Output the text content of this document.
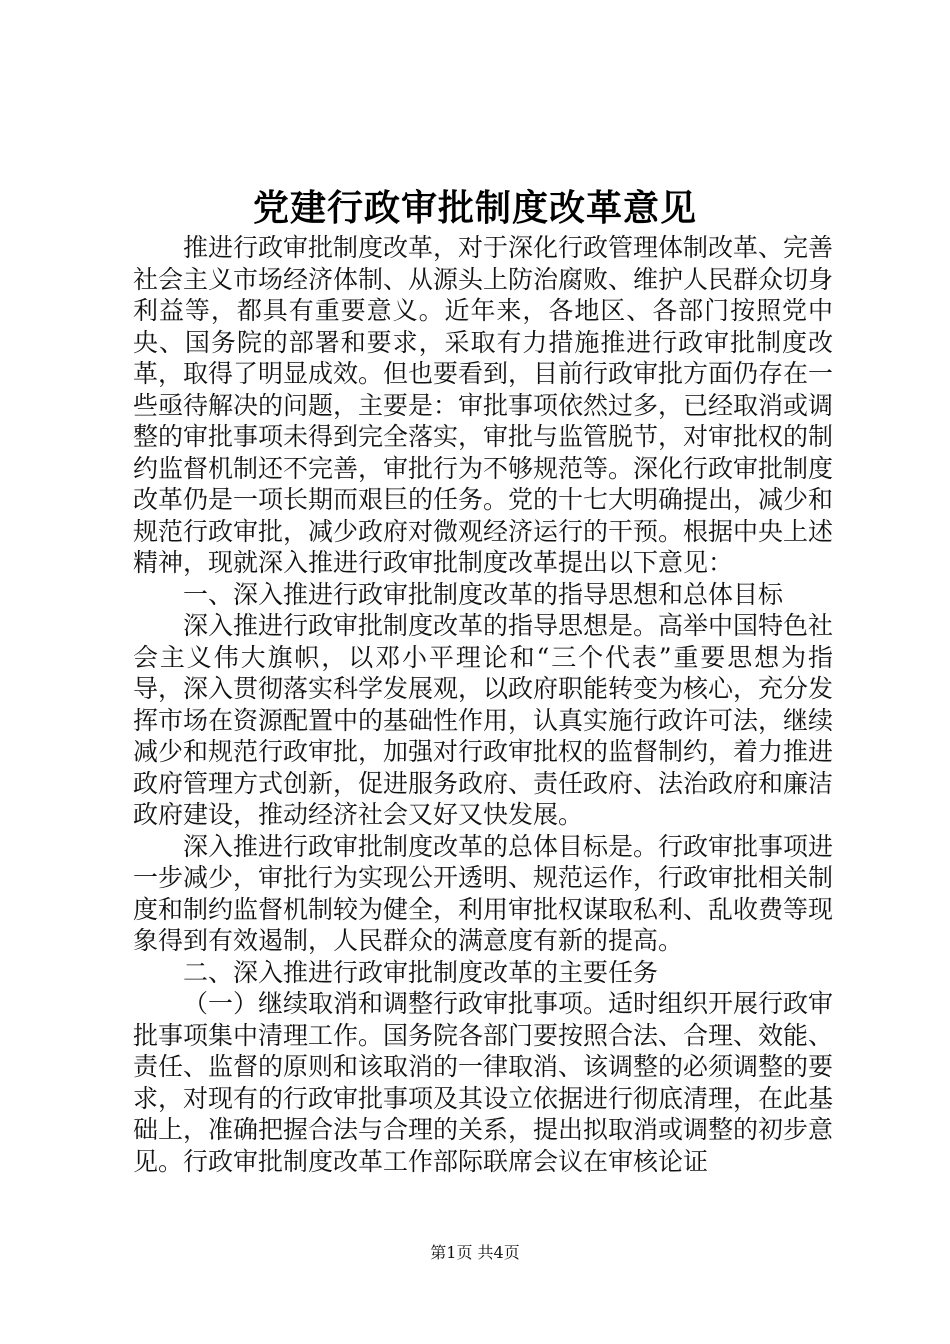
党建行政审批制度改革意见

推进行政审批制度改革，对于深化行政管理体制改革、完善社会主义市场经济体制、从源头上防治腐败、维护人民群众切身利益等，都具有重要意义。近年来，各地区、各部门按照党中央、国务院的部署和要求，采取有力措施推进行政审批制度改革，取得了明显成效。但也要看到，目前行政审批方面仍存在一些亟待解决的问题，主要是：审批事项依然过多，已经取消或调整的审批事项未得到完全落实，审批与监管脱节，对审批权的制约监督机制还不完善，审批行为不够规范等。深化行政审批制度改革仍是一项长期而艰巨的任务。党的十七大明确提出，减少和规范行政审批，减少政府对微观经济运行的干预。根据中央上述精神，现就深入推进行政审批制度改革提出以下意见：

一、深入推进行政审批制度改革的指导思想和总体目标

深入推进行政审批制度改革的指导思想是。高举中国特色社会主义伟大旗帜，以邓小平理论和“三个代表”重要思想为指导，深入贯彻落实科学发展观，以政府职能转变为核心，充分发挥市场在资源配置中的基础性作用，认真实施行政许可法，继续减少和规范行政审批，加强对行政审批权的监督制约，着力推进政府管理方式创新，促进服务政府、责任政府、法治政府和廉洁政府建设，推动经济社会又好又快发展。

深入推进行政审批制度改革的总体目标是。行政审批事项进一步减少，审批行为实现公开透明、规范运作，行政审批相关制度和制约监督机制较为健全，利用审批权谋取私利、乱收费等现象得到有效遏制，人民群众的满意度有新的提高。

二、深入推进行政审批制度改革的主要任务

（一）继续取消和调整行政审批事项。适时组织开展行政审批事项集中清理工作。国务院各部门要按照合法、合理、效能、责任、监督的原则和该取消的一律取消、该调整的必须调整的要求，对现有的行政审批事项及其设立依据进行彻底清理，在此基础上，准确把握合法与合理的关系，提出拟取消或调整的初步意见。行政审批制度改革工作部际联席会议在审核论证

第1页 共4页
